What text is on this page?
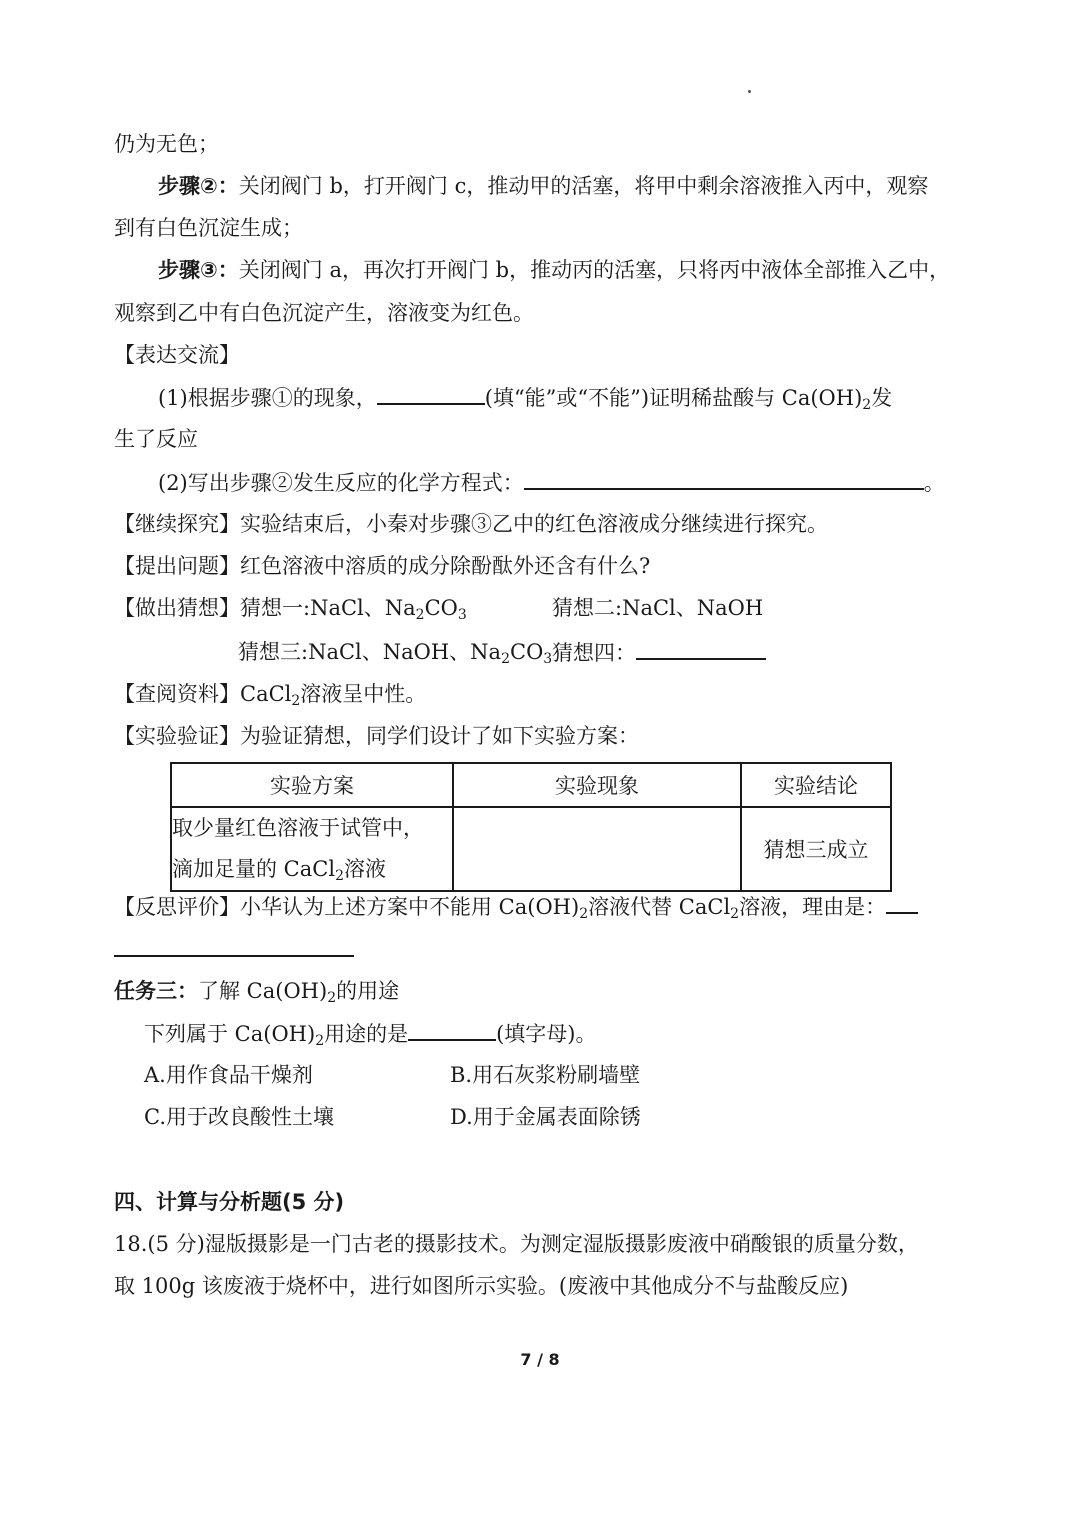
仍为无色；
步骤②：关闭阀门 b，打开阀门 c，推动甲的活塞，将甲中剩余溶液推入丙中，观察
到有白色沉淀生成；
步骤③：关闭阀门 a，再次打开阀门 b，推动丙的活塞，只将丙中液体全部推入乙中，
观察到乙中有白色沉淀产生，溶液变为红色。
【表达交流】
(1)根据步骤①的现象，	(填“能”或“不能”)证明稀盐酸与 $Ca(OH)_2$发
生了反应
(2)写出步骤②发生反应的化学方程式：	。
【继续探究】实验结束后，小秦对步骤③乙中的红色溶液成分继续进行探究。
【提出问题】红色溶液中溶质的成分除酚酞外还含有什么?
【做出猜想】猜想一:NaCl、$Na_2CO_3$	猜想二:NaCl、NaOH
猜想三:NaCl、NaOH、$Na_2CO_3$ 猜想四：
【查阅资料】CaCl$_2$溶液呈中性。
【实验验证】为验证猜想，同学们设计了如下实验方案：
实验方案	实验现象	实验结论

取少量红色溶液于试管中，
滴加足量的 CaCl$_2$溶液		猜想三成立
【反思评价】小华认为上述方案中不能用 $Ca(OH)_2$溶液代替 CaCl$_2$溶液，理由是：
任务三：了解 $Ca(OH)_2$的用途
下列属于 $Ca(OH)_2$用途的是	(填字母)。
A.用作食品干燥剂	B.用石灰浆粉刷墙壁
C.用于改良酸性土壤	D.用于金属表面除锈
四、计算与分析题(5 分)
18.(5 分)湿版摄影是一门古老的摄影技术。为测定湿版摄影废液中硝酸银的质量分数，
取 100g 该废液于烧杯中，进行如图所示实验。(废液中其他成分不与盐酸反应)
7 / 8
